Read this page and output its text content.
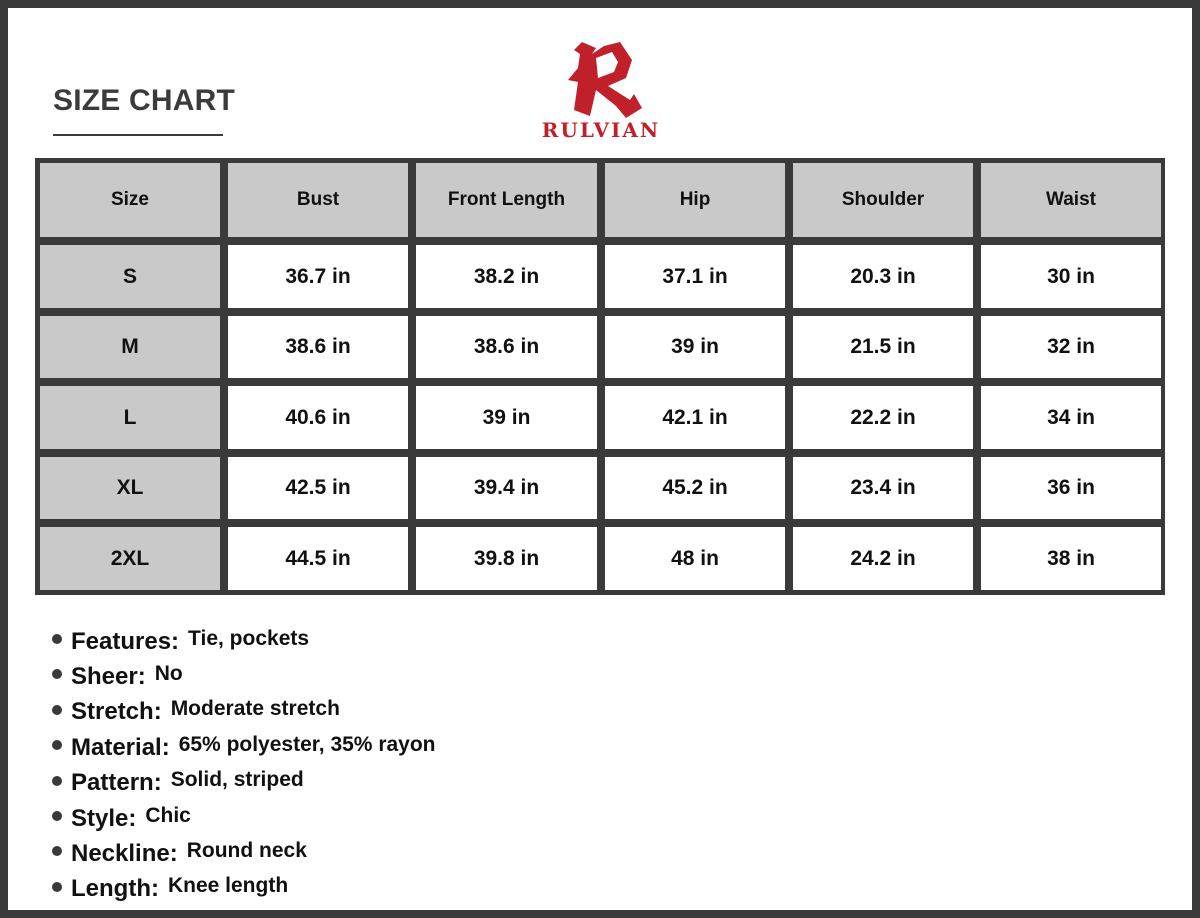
SIZE CHART
RULVIAN
Size	Bust	Front Length	Hip	Shoulder	Waist
S	36.7 in	38.2 in	37.1 in	20.3 in	30 in
M	38.6 in	38.6 in	39 in	21.5 in	32 in
L	40.6 in	39 in	42.1 in	22.2 in	34 in
XL	42.5 in	39.4 in	45.2 in	23.4 in	36 in
2XL	44.5 in	39.8 in	48 in	24.2 in	38 in
Features: Tie, pockets
Sheer: No
Stretch: Moderate stretch
Material: 65% polyester, 35% rayon
Pattern: Solid, striped
Style: Chic
Neckline: Round neck
Length: Knee length
